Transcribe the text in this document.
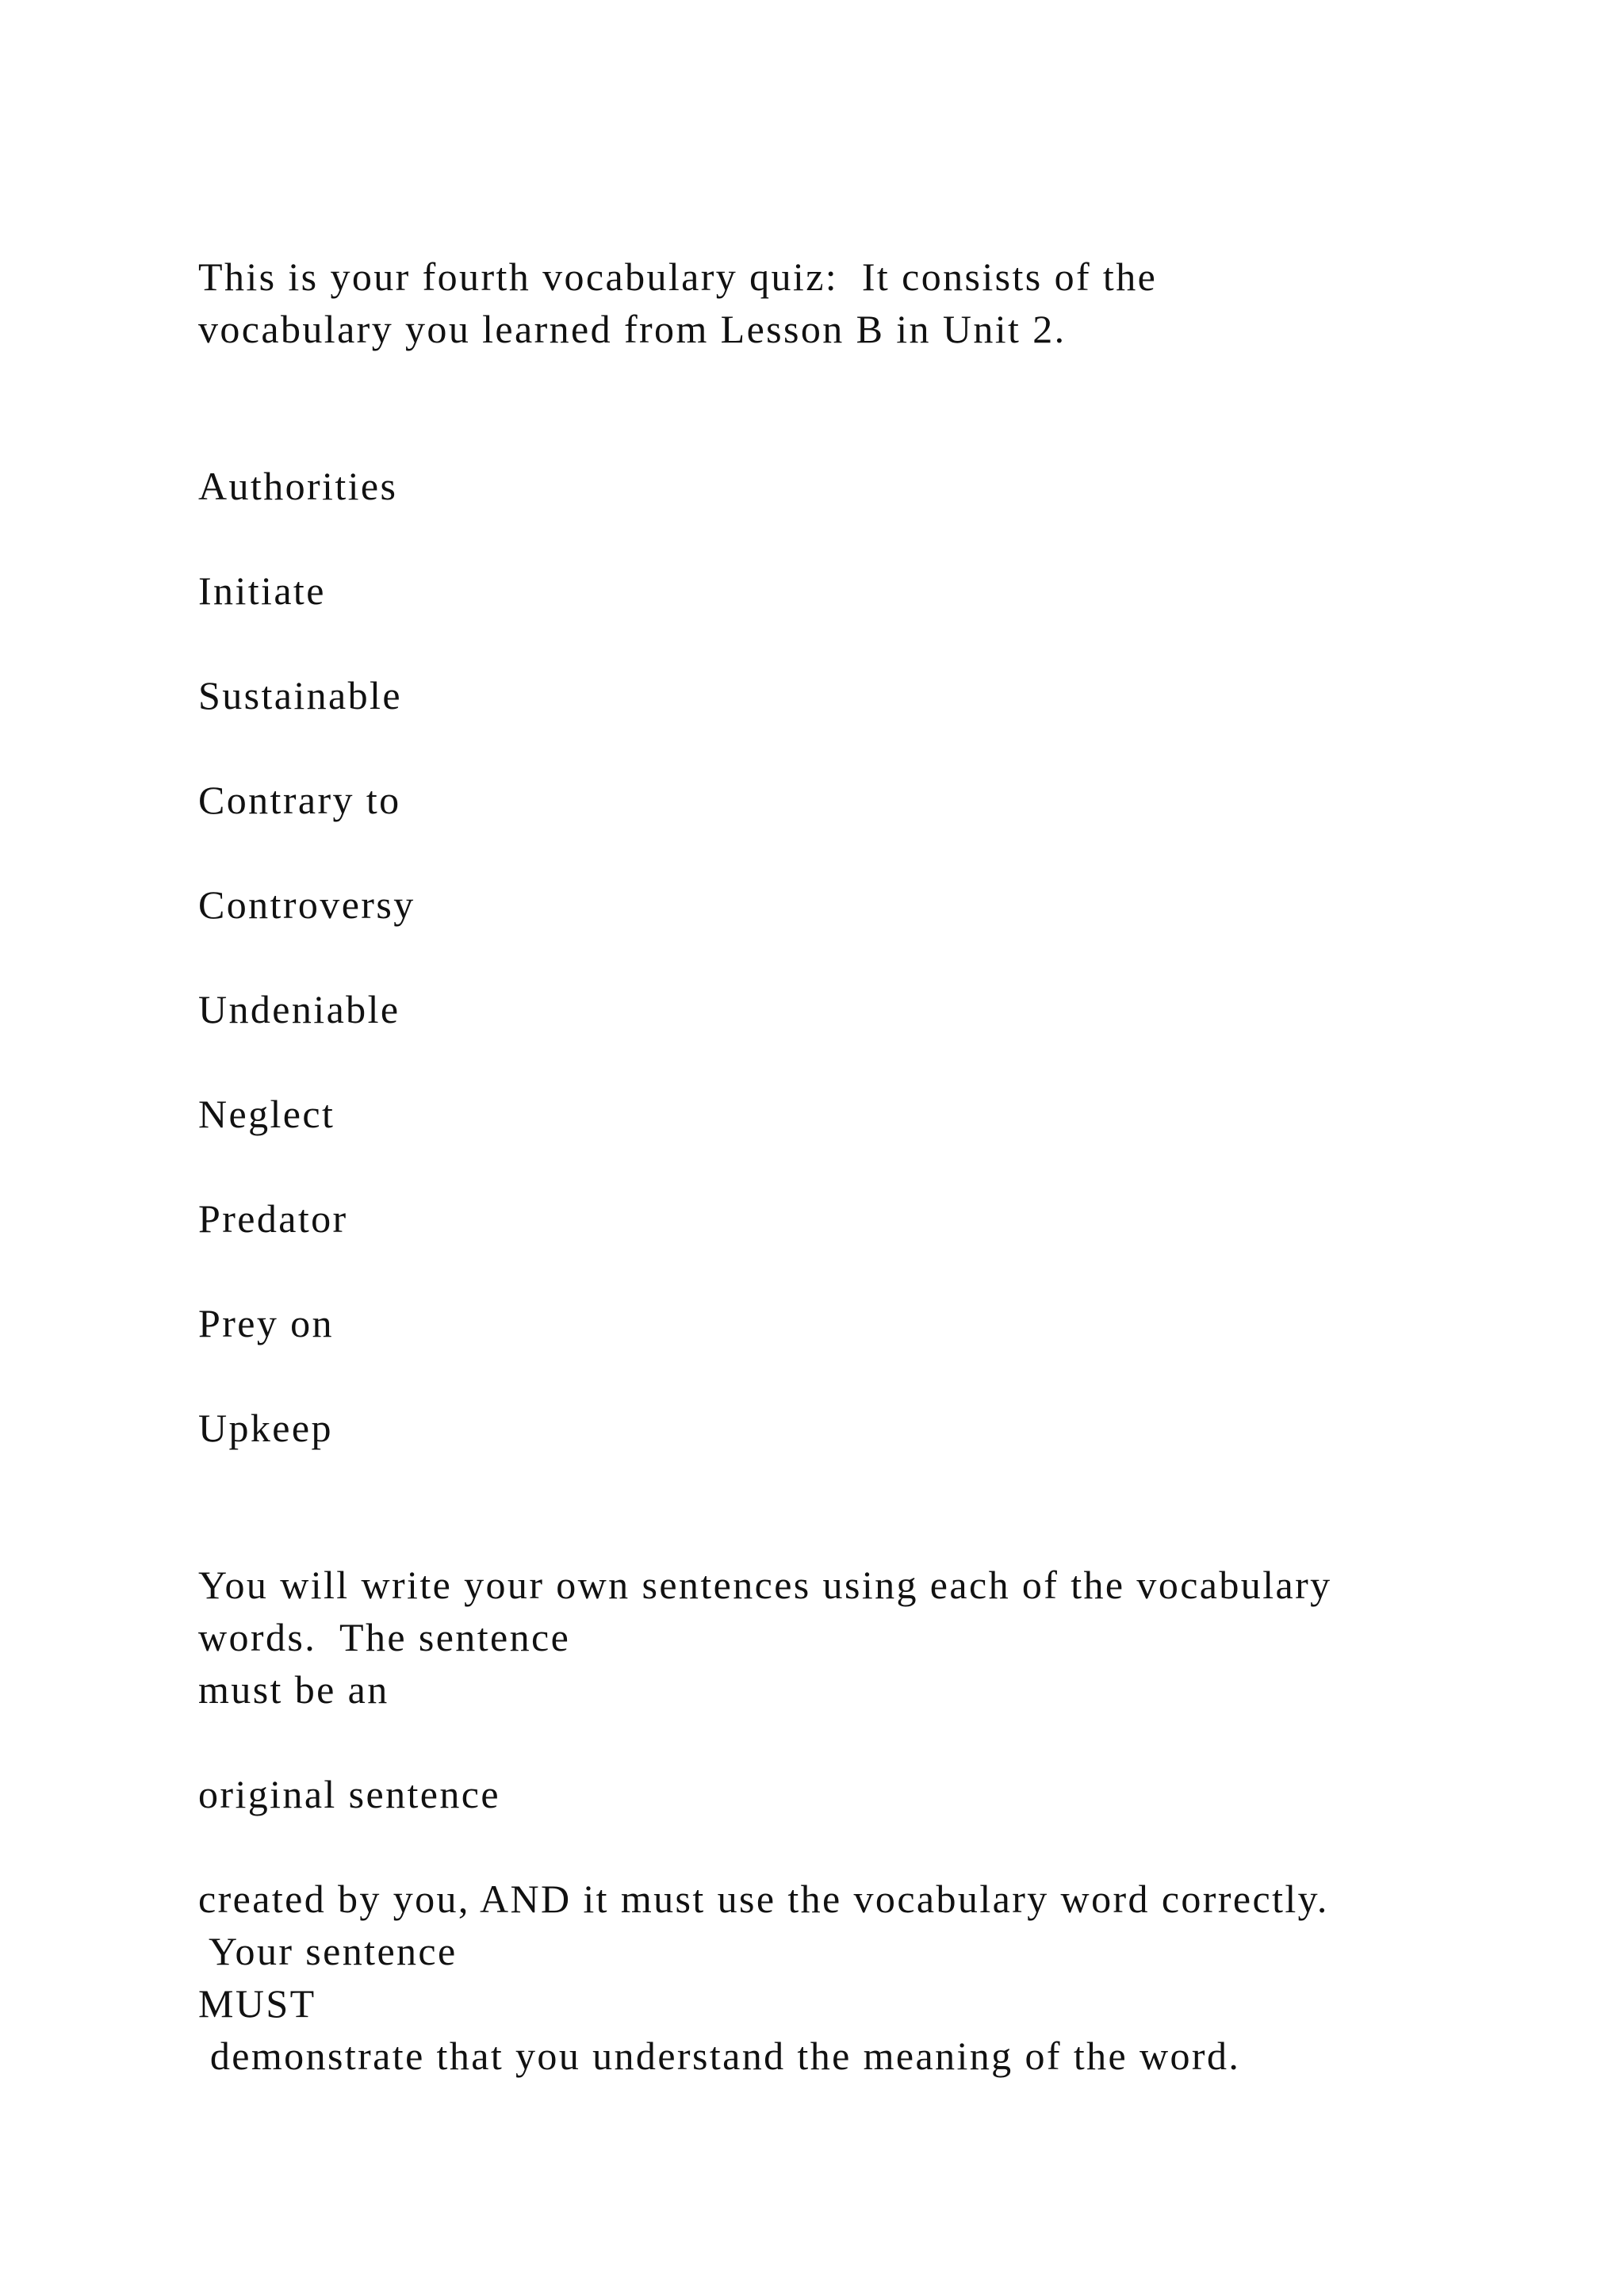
This is your fourth vocabulary quiz:  It consists of the

vocabulary you learned from Lesson B in Unit 2.

Authorities

Initiate

Sustainable

Contrary to

Controversy

Undeniable

Neglect

Predator

Prey on

Upkeep

You will write your own sentences using each of the vocabulary

words.  The sentence

must be an

original sentence

created by you, AND it must use the vocabulary word correctly.

Your sentence

MUST

demonstrate that you understand the meaning of the word.
